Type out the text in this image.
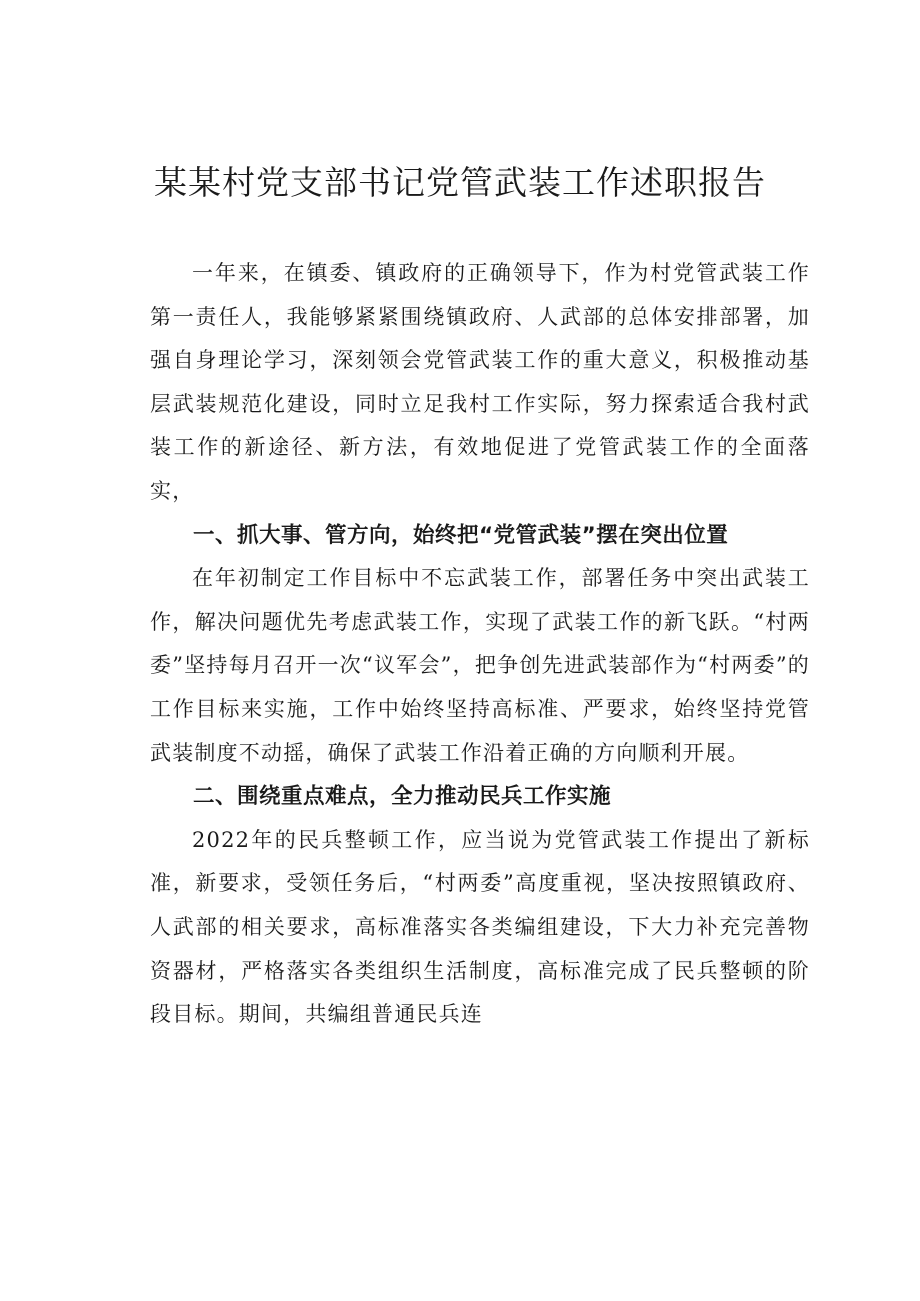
某某村党支部书记党管武装工作述职报告

一年来，在镇委、镇政府的正确领导下，作为村党管武装工作第一责任人，我能够紧紧围绕镇政府、人武部的总体安排部署，加强自身理论学习，深刻领会党管武装工作的重大意义，积极推动基层武装规范化建设，同时立足我村工作实际，努力探索适合我村武装工作的新途径、新方法，有效地促进了党管武装工作的全面落实，

一、抓大事、管方向，始终把“党管武装”摆在突出位置

在年初制定工作目标中不忘武装工作，部署任务中突出武装工作，解决问题优先考虑武装工作，实现了武装工作的新飞跃。“村两委”坚持每月召开一次“议军会”，把争创先进武装部作为“村两委”的工作目标来实施，工作中始终坚持高标准、严要求，始终坚持党管武装制度不动摇，确保了武装工作沿着正确的方向顺利开展。

二、围绕重点难点，全力推动民兵工作实施

2022年的民兵整顿工作，应当说为党管武装工作提出了新标准，新要求，受领任务后，“村两委”高度重视，坚决按照镇政府、人武部的相关要求，高标准落实各类编组建设，下大力补充完善物资器材，严格落实各类组织生活制度，高标准完成了民兵整顿的阶段目标。期间，共编组普通民兵连
